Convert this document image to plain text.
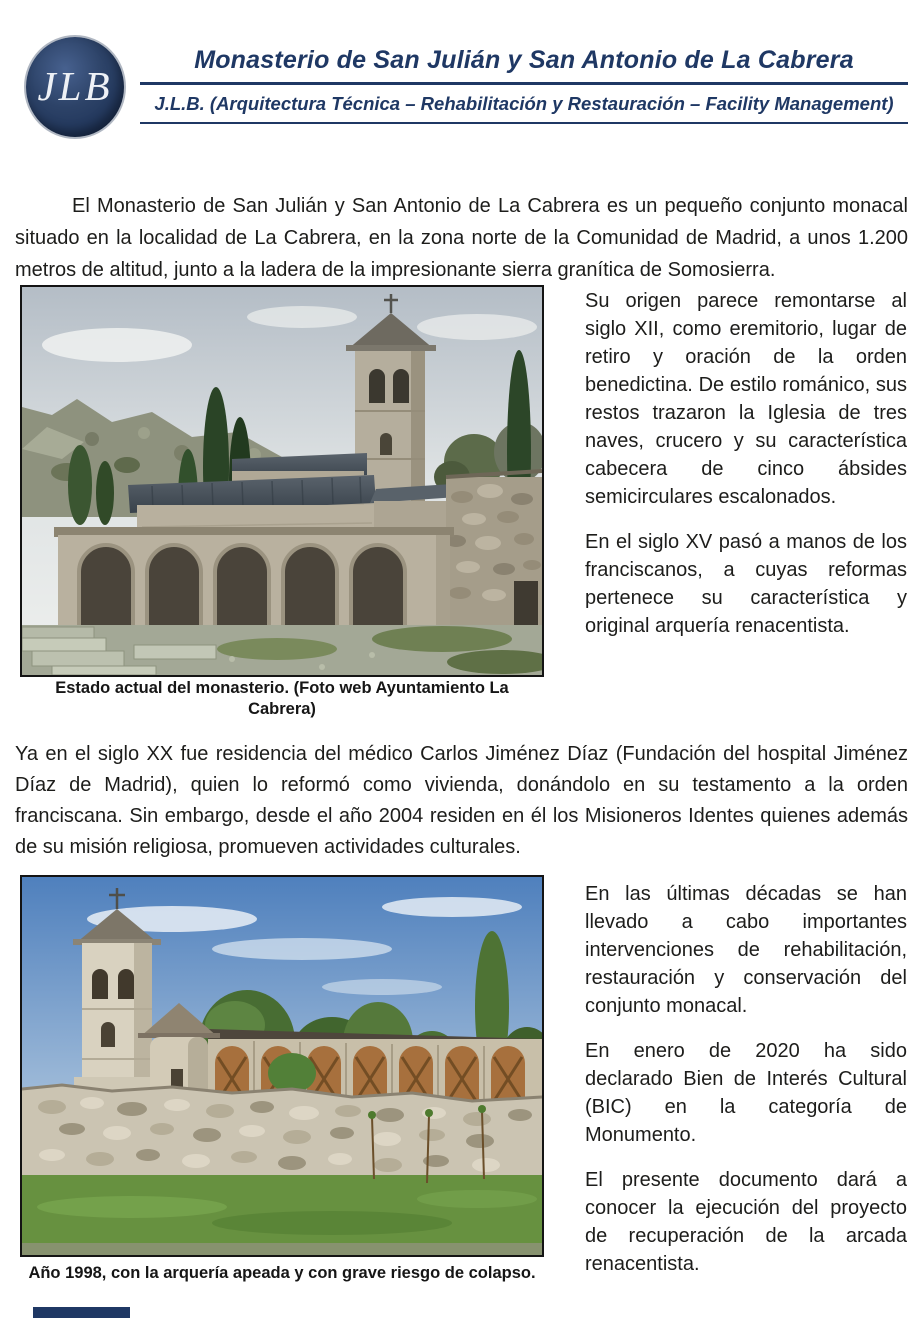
JLB
Monasterio de San Julián y San Antonio de La Cabrera
J.L.B. (Arquitectura Técnica – Rehabilitación y Restauración – Facility Management)

El Monasterio de San Julián y San Antonio de La Cabrera es un pequeño conjunto monacal situado en la localidad de La Cabrera, en la zona norte de la Comunidad de Madrid, a unos 1.200 metros de altitud, junto a la ladera de la impresionante sierra granítica de Somosierra.

Su origen parece remontarse al siglo XII, como eremitorio, lugar de retiro y oración de la orden benedictina. De estilo románico, sus restos trazaron la Iglesia de tres naves, crucero y su característica cabecera de cinco ábsides semicirculares escalonados.

En el siglo XV pasó a manos de los franciscanos, a cuyas reformas pertenece su característica y original arquería renacentista.

Estado actual del monasterio. (Foto web Ayuntamiento La Cabrera)

Ya en el siglo XX fue residencia del médico Carlos Jiménez Díaz (Fundación del hospital Jiménez Díaz de Madrid), quien lo reformó como vivienda, donándolo en su testamento a la orden franciscana. Sin embargo, desde el año 2004 residen en él los Misioneros Identes quienes además de su misión religiosa, promueven actividades culturales.

En las últimas décadas se han llevado a cabo importantes intervenciones de rehabilitación, restauración y conservación del conjunto monacal.

En enero de 2020 ha sido declarado Bien de Interés Cultural (BIC) en la categoría de Monumento.

El presente documento dará a conocer la ejecución del proyecto de recuperación de la arcada renacentista.

Año 1998, con la arquería apeada y con grave riesgo de colapso.
